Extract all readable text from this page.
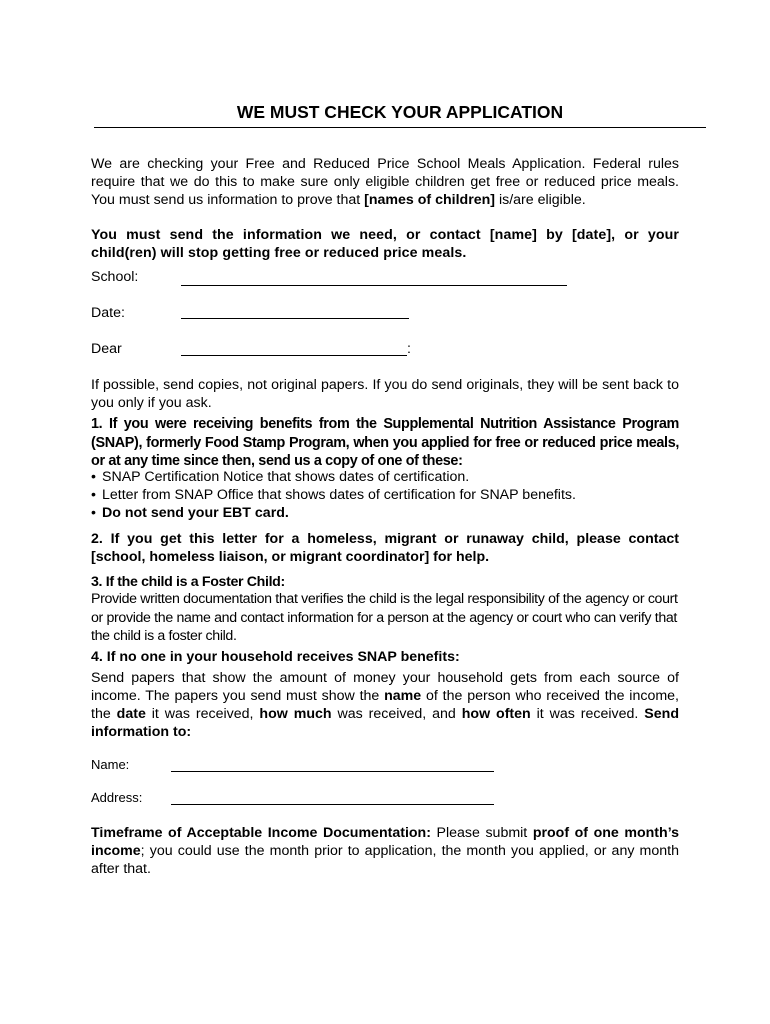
WE MUST CHECK YOUR APPLICATION

We are checking your Free and Reduced Price School Meals Application. Federal rules require that we do this to make sure only eligible children get free or reduced price meals. You must send us information to prove that [names of children] is/are eligible.

You must send the information we need, or contact [name] by [date], or your child(ren) will stop getting free or reduced price meals.

School:
Date:
Dear	:

If possible, send copies, not original papers. If you do send originals, they will be sent back to you only if you ask.

1. If you were receiving benefits from the Supplemental Nutrition Assistance Program (SNAP), formerly Food Stamp Program, when you applied for free or reduced price meals, or at any time since then, send us a copy of one of these:

• SNAP Certification Notice that shows dates of certification.

• Letter from SNAP Office that shows dates of certification for SNAP benefits.

• Do not send your EBT card.

2. If you get this letter for a homeless, migrant or runaway child, please contact [school, homeless liaison, or migrant coordinator] for help.

3. If the child is a Foster Child:

Provide written documentation that verifies the child is the legal responsibility of the agency or court or provide the name and contact information for a person at the agency or court who can verify that the child is a foster child.

4. If no one in your household receives SNAP benefits:

Send papers that show the amount of money your household gets from each source of income. The papers you send must show the name of the person who received the income, the date it was received, how much was received, and how often it was received. Send information to:

Name:
Address:

Timeframe of Acceptable Income Documentation: Please submit proof of one month’s income; you could use the month prior to application, the month you applied, or any month after that.
